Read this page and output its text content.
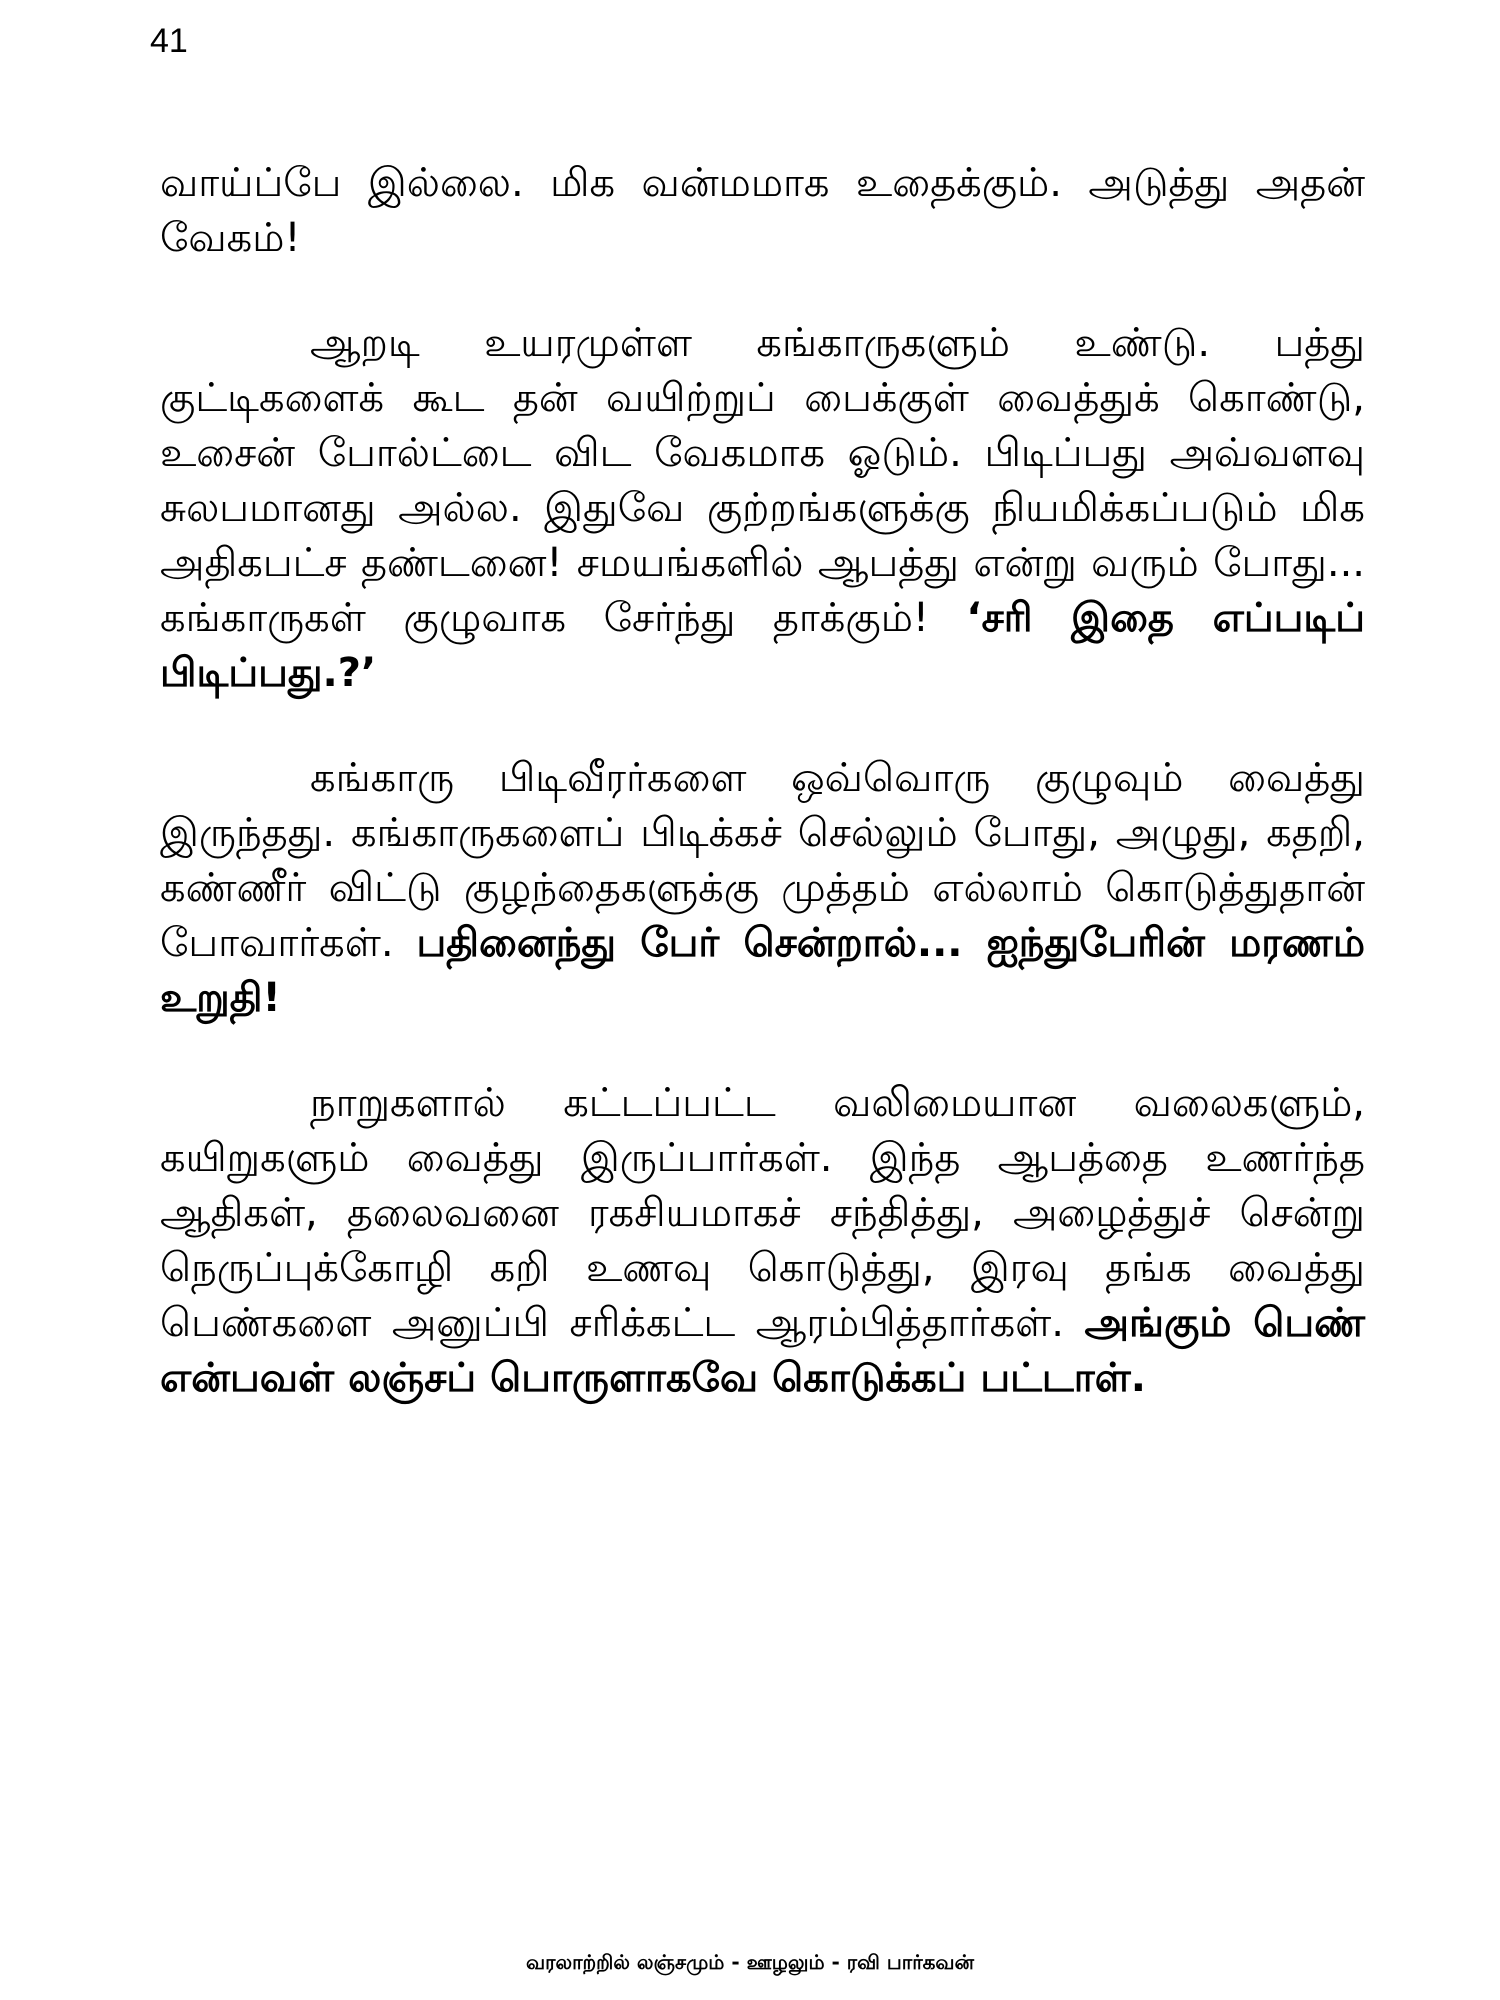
41

வாய்ப்பே இல்லை. மிக வன்மமாக உதைக்கும். அடுத்து அதன் வேகம்!

ஆறடி உயரமுள்ள கங்காருகளும் உண்டு. பத்து குட்டிகளைக் கூட தன் வயிற்றுப் பைக்குள் வைத்துக் கொண்டு, உசைன் போல்ட்டை விட வேகமாக ஓடும். பிடிப்பது அவ்வளவு சுலபமானது அல்ல. இதுவே குற்றங்களுக்கு நியமிக்கப்படும் மிக அதிகபட்ச தண்டனை! சமயங்களில் ஆபத்து என்று வரும் போது... கங்காருகள் குழுவாக சேர்ந்து தாக்கும்! ‘சரி இதை எப்படிப் பிடிப்பது.?’

கங்காரு பிடிவீரர்களை ஒவ்வொரு குழுவும் வைத்து இருந்தது. கங்காருகளைப் பிடிக்கச் செல்லும் போது, அழுது, கதறி, கண்ணீர் விட்டு குழந்தைகளுக்கு முத்தம் எல்லாம் கொடுத்துதான் போவார்கள். பதினைந்து பேர் சென்றால்... ஐந்துபேரின் மரணம் உறுதி!

நாறுகளால் கட்டப்பட்ட வலிமையான வலைகளும், கயிறுகளும் வைத்து இருப்பார்கள். இந்த ஆபத்தை உணர்ந்த ஆதிகள், தலைவனை ரகசியமாகச் சந்தித்து, அழைத்துச் சென்று நெருப்புக்கோழி கறி உணவு கொடுத்து, இரவு தங்க வைத்து பெண்களை அனுப்பி சரிக்கட்ட ஆரம்பித்தார்கள். அங்கும் பெண் என்பவள் லஞ்சப் பொருளாகவே கொடுக்கப் பட்டாள்.

வரலாற்றில் லஞ்சமும் - ஊழலும் - ரவி பார்கவன்
